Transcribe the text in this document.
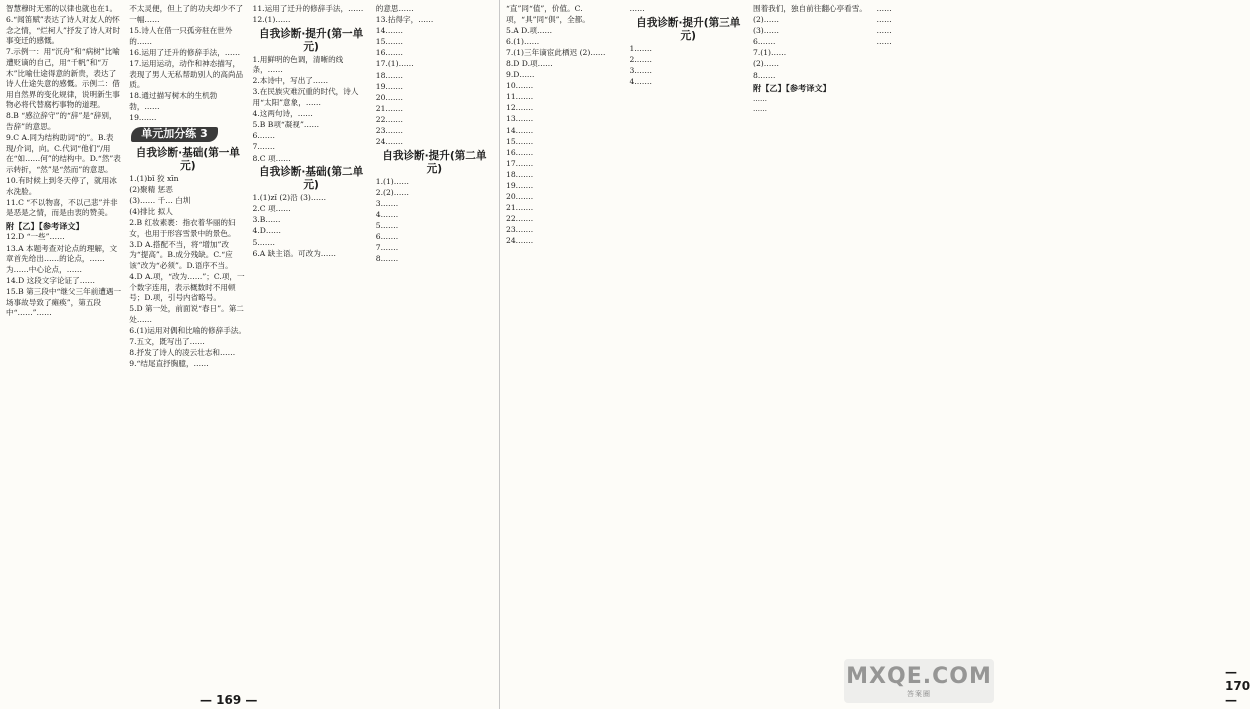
智慧穆时无邪的以律也就也在1。

6.“闻笛赋”表达了诗人对友人的怀念之情，“烂柯人”抒发了诗人对时事变迁的感慨。

7.示例一：用“沉舟”和“病树”比喻遭贬谪的自己，用“千帆”和“万木”比喻仕途得意的新贵，表达了诗人仕途失意的感慨。示例二：借用自然界的变化规律，说明新生事物必将代替腐朽事物的道理。

8.B “感泣辞守”的“辞”是“辞别，告辞”的意思。

9.C A.同为结构助词“的”。B.表现/介词，向。C.代词“他们”/用在“如……何”的结构中。D.“然”表示转折，“然”是“然而”的意思。

10.有时候上到冬天停了，就用冰水洗脸。

11.C “不以物喜，不以己悲”并非是恶是之情，而是由衷的赞美。

附【乙】【参考译文】

12.D “一些”……

13.A 本题考查对论点的理解，文章首先给出……的论点，……为……中心论点，……

14.D 这段文字论证了……

15.B 第三段中“继父三年前遭遇一场事故导致了瘫痪”，第五段中“……”……

不太灵便，但上了的功夫却少不了

一幅……

15.诗人在借一只孤旁驻在世外的……

16.运用了迁升的修辞手法，……

17.运用运动，动作和神态描写，表现了男人无私帮助别人的高尚品质。

18.通过描写树木的生机勃勃，……

19.……

单元加分练 3

自我诊断·基础(第一单元)

1.(1)bǐ 狡 xīn

(2)聚精 惩恶

(3)…… 千… 白圳

(4)排比 拟人

2.B 红妆素裹：指衣着华丽的妇女，也用于形容雪景中的景色。

3.D A.搭配不当，将“增加”改为“提高”。B.成分残缺。C.“应该”改为“必须”。D.语序不当。

4.D A.项，“改为……”；C.项，一个数字连用，表示概数时不用顿号；D.项，引号内省略号。

5.D 第一处，前面说“春日”。第二处……

6.(1)运用对偶和比喻的修辞手法。

7.五文，既写出了……

8.抒发了诗人的凌云壮志和……

9.“结尾直抒胸臆，……

11.运用了迁升的修辞手法，……

12.(1)……

自我诊断·提升(第一单元)

1.用鲜明的色调，清晰的线条，……

2.本诗中，写出了……

3.在民族灾难沉重的时代，诗人用“太阳”意象，……

4.这两句诗，……

5.B B项“凝视”……

6.……

7.……

8.C 项……

自我诊断·基础(第二单元)

1.(1)zǐ (2)沿 (3)……

2.C 项……

3.B……

4.D……

5.……

6.A 缺主语。可改为……

的意思……

13.拈得字，……

14.……

15.……

16.……

17.(1)……

18.……

19.……

20.……

21.……

22.……

23.……

24.……

自我诊断·提升(第二单元)

1.(1)……

2.(2)……

3.……

4.……

5.……

6.……

7.……

8.……

— 169 —

“直”同“值”，价值。C.项，“具”同“俱”，全都。

5.A D.项……

6.(1)……

7.(1)三年谪宦此栖迟 (2)……

8.D D.项……

9.D……

10.……

11.……

12.……

13.……

14.……

15.……

16.……

17.……

18.……

19.……

20.……

21.……

22.……

23.……

24.……

……

自我诊断·提升(第三单元)

1.……

2.……

3.……

4.……

围着我们，独自前往翻心亭看雪。

(2)……

(3)……

6.……

7.(1)……

(2)……

8.……

附【乙】【参考译文】

……

……

……

……

……

……

— 170 —
MXQE.COM
答案圈
